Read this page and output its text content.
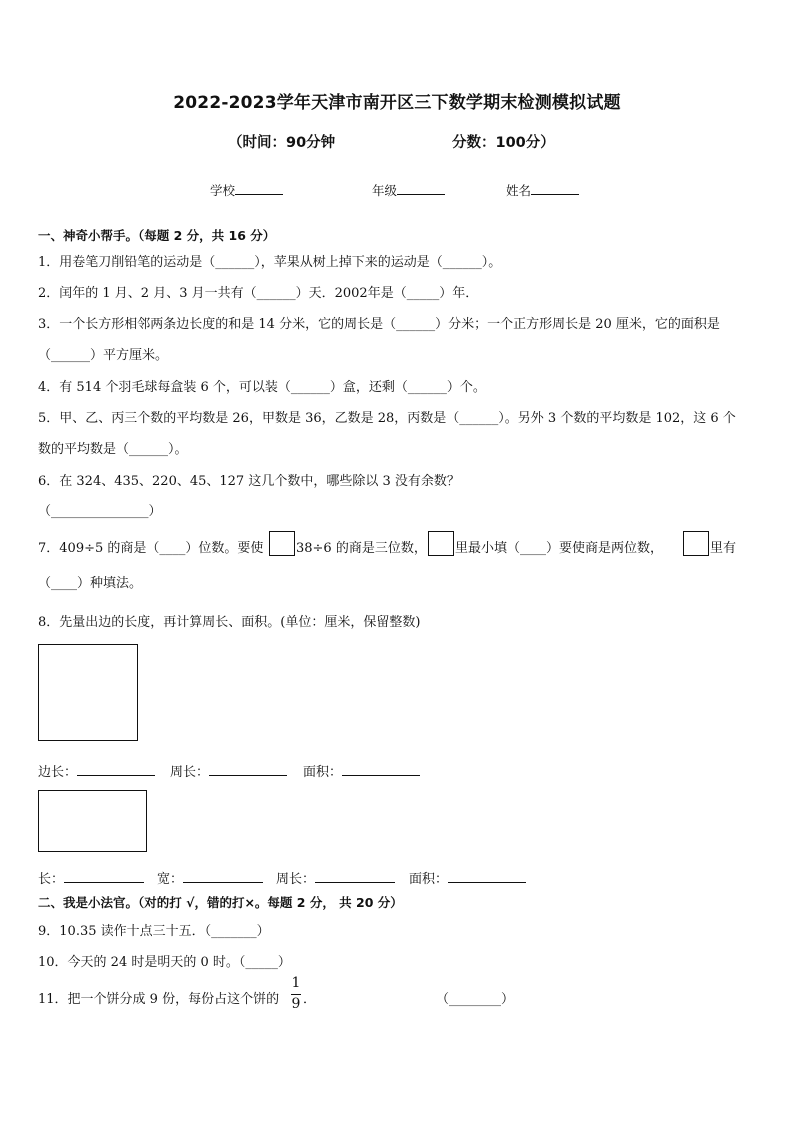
2022-2023学年天津市南开区三下数学期末检测模拟试题
（时间：90分钟	分数：100分）
学校	年级	姓名
一、神奇小帮手。（每题 2 分，共 16 分）
1．用卷笔刀削铅笔的运动是（______），苹果从树上掉下来的运动是（______）。
2．闰年的 1 月、2 月、3 月一共有（______）天．2002年是（_____）年．
3．一个长方形相邻两条边长度的和是 14 分米，它的周长是（______）分米；一个正方形周长是 20 厘米，它的面积是
（______）平方厘米。
4．有 514 个羽毛球每盒装 6 个，可以装（______）盒，还剩（______）个。
5．甲、乙、丙三个数的平均数是 26，甲数是 36，乙数是 28，丙数是（______）。另外 3 个数的平均数是 102，这 6 个
数的平均数是（______）。
6．在 324、435、220、45、127 这几个数中，哪些除以 3 没有余数？
（_______________）
7．409÷5 的商是（____）位数。要使	38÷6 的商是三位数， 里最小填（____）要使商是两位数，	里有
（____）种填法。
8．先量出边的长度，再计算周长、面积。(单位：厘米，保留整数)
边长：	周长：	面积：
长：	宽：	周长：	面积：
二、我是小法官。（对的打 √，错的打×。每题 2 分， 共 20 分）
9．10.35 读作十点三十五．（_______）
10．今天的 24 时是明天的 0 时。（_____）
11．把一个饼分成 9 份，每份占这个饼的
1
9 ．	（________）
